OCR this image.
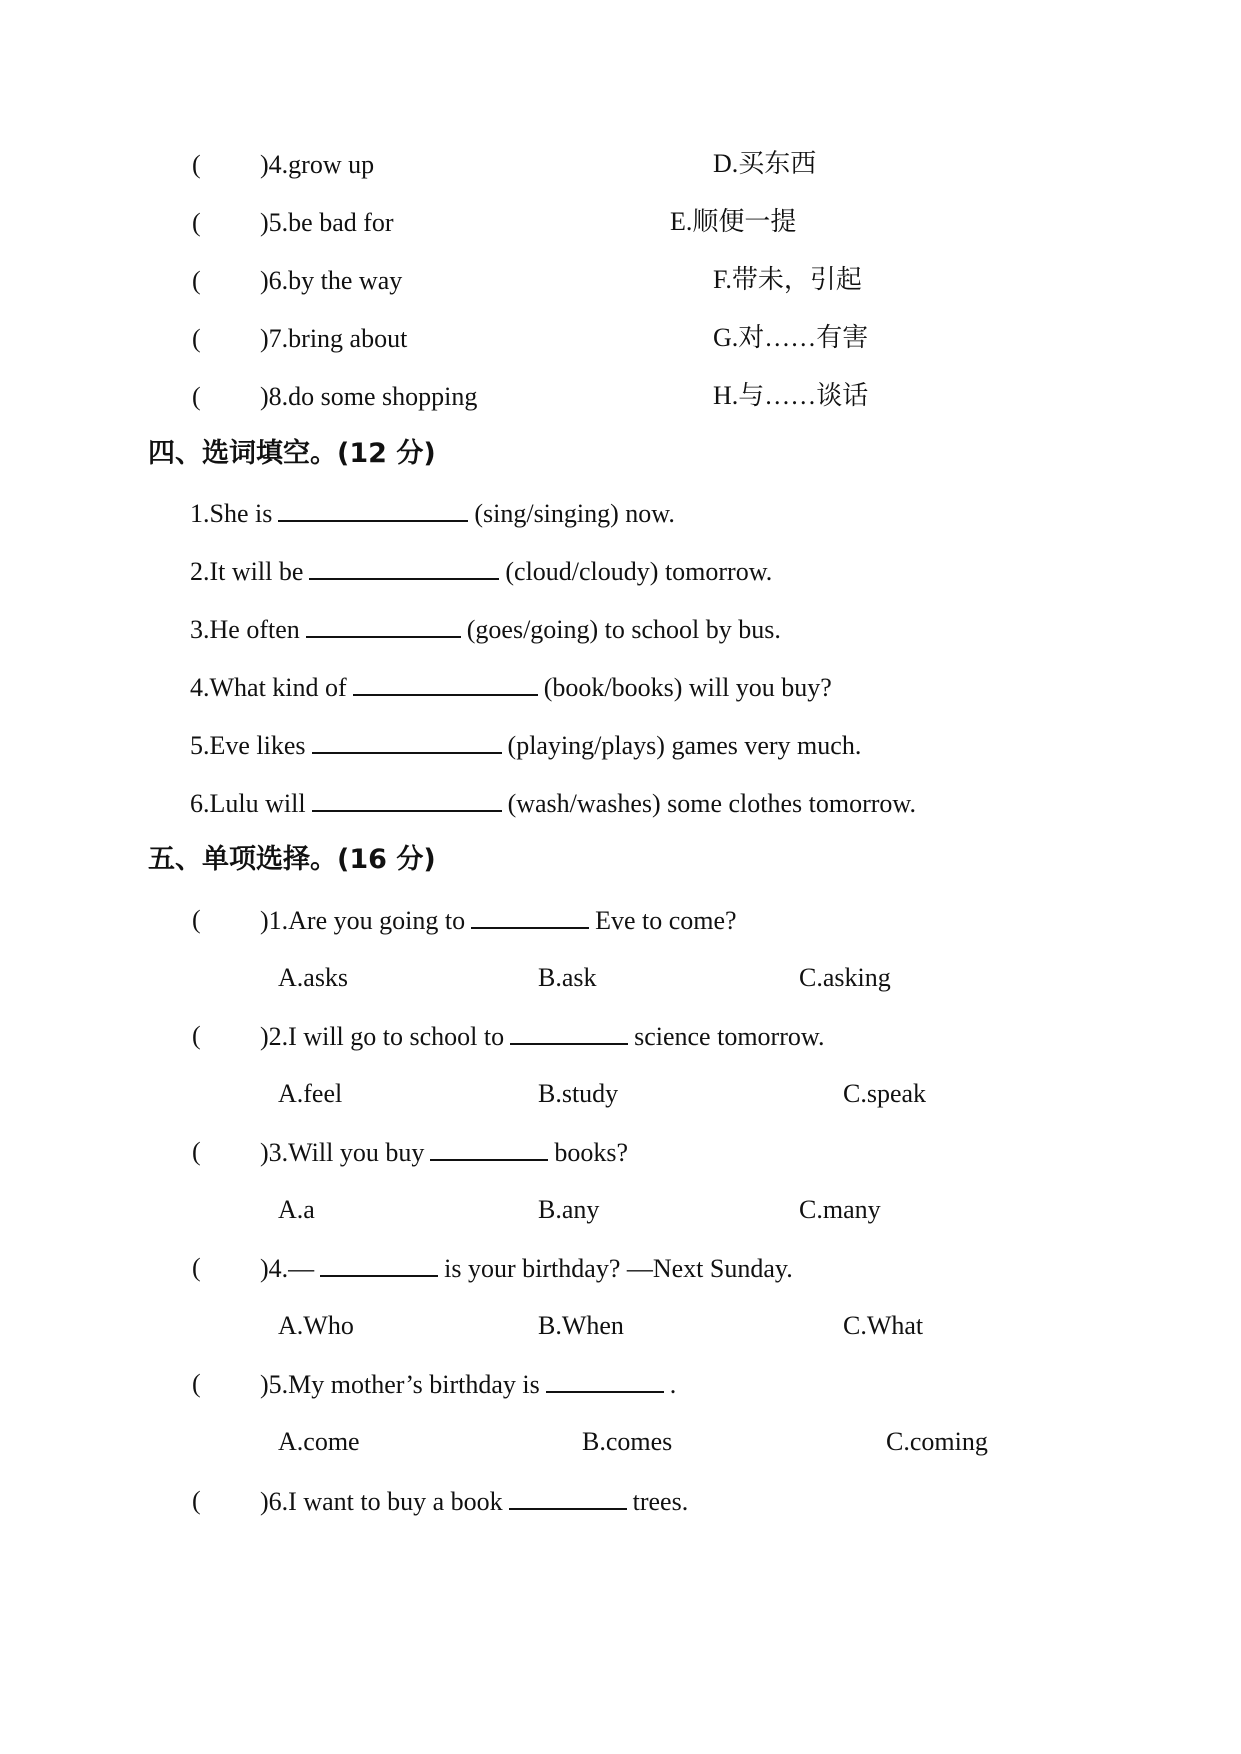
( )4.grow up	D.买东西
( )5.be bad for	E.顺便一提
( )6.by the way	F.带未，引起
( )7.bring about	G.对……有害
( )8.do some shopping	H.与……谈话
四、选词填空。(12 分)
1.She is	(sing/singing) now.
2.It will be	(cloud/cloudy) tomorrow.
3.He often	(goes/going) to school by bus.
4.What kind of	(book/books) will you buy?
5.Eve likes	(playing/plays) games very much.
6.Lulu will	(wash/washes) some clothes tomorrow.
五、单项选择。(16 分)
( )1.Are you going to	Eve to come?
A.asks	B.ask	C.asking
( )2.I will go to school to	science tomorrow.
A.feel	B.study	C.speak
( )3.Will you buy	books?
A.a	B.any	C.many
( )4.—	is your birthday? —Next Sunday.
A.Who	B.When	C.What
( )5.My mother’s birthday is	.
A.come	B.comes	C.coming
( )6.I want to buy a book	trees.
